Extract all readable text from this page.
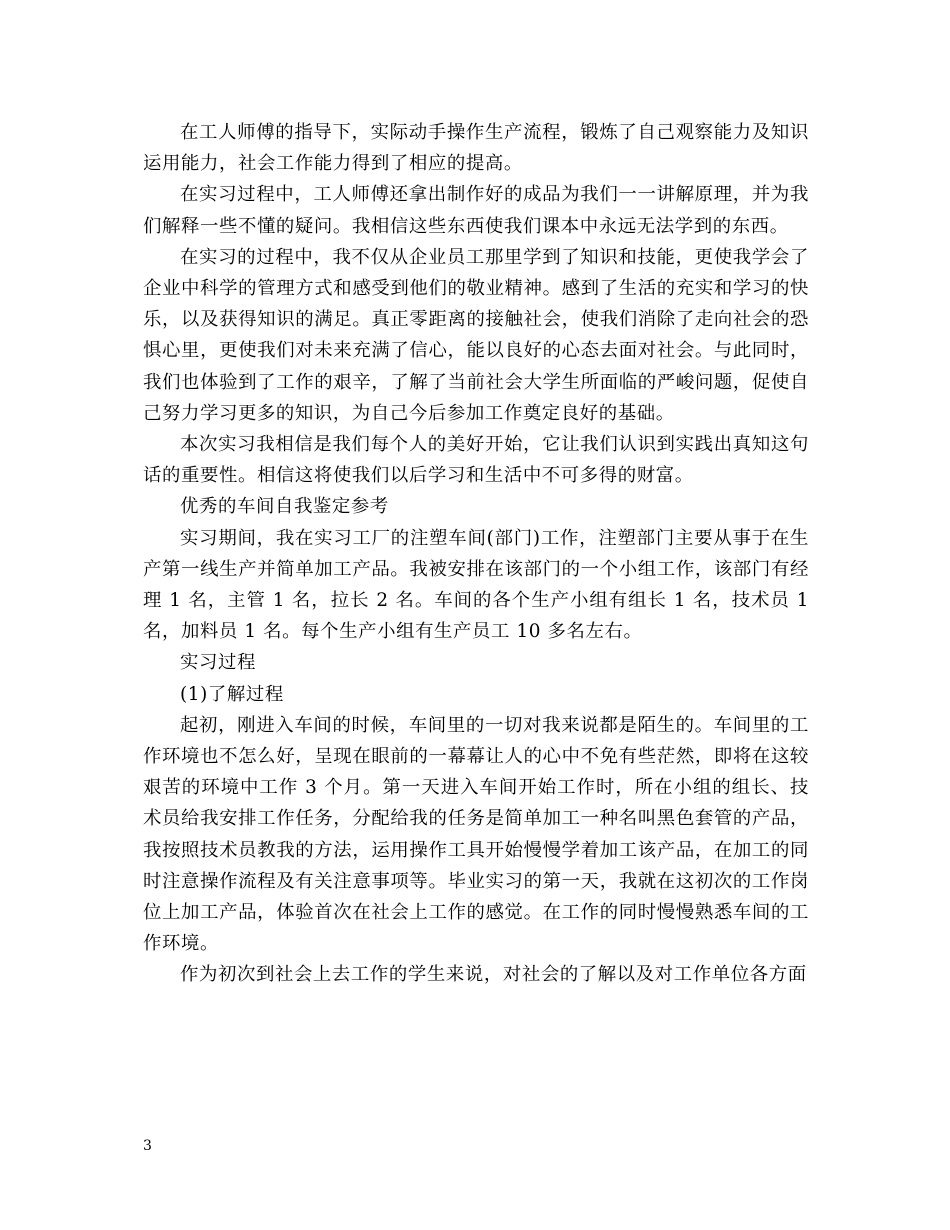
在工人师傅的指导下，实际动手操作生产流程，锻炼了自己观察能力及知识运用能力，社会工作能力得到了相应的提高。

在实习过程中，工人师傅还拿出制作好的成品为我们一一讲解原理，并为我们解释一些不懂的疑问。我相信这些东西使我们课本中永远无法学到的东西。

在实习的过程中，我不仅从企业员工那里学到了知识和技能，更使我学会了企业中科学的管理方式和感受到他们的敬业精神。感到了生活的充实和学习的快乐，以及获得知识的满足。真正零距离的接触社会，使我们消除了走向社会的恐惧心里，更使我们对未来充满了信心，能以良好的心态去面对社会。与此同时，我们也体验到了工作的艰辛，了解了当前社会大学生所面临的严峻问题，促使自己努力学习更多的知识，为自己今后参加工作奠定良好的基础。

本次实习我相信是我们每个人的美好开始，它让我们认识到实践出真知这句话的重要性。相信这将使我们以后学习和生活中不可多得的财富。

优秀的车间自我鉴定参考

实习期间，我在实习工厂的注塑车间(部门)工作，注塑部门主要从事于在生产第一线生产并简单加工产品。我被安排在该部门的一个小组工作，该部门有经理 1 名，主管 1 名，拉长 2 名。车间的各个生产小组有组长 1 名，技术员 1 名，加料员 1 名。每个生产小组有生产员工 10 多名左右。

实习过程

(1)了解过程

起初，刚进入车间的时候，车间里的一切对我来说都是陌生的。车间里的工作环境也不怎么好，呈现在眼前的一幕幕让人的心中不免有些茫然，即将在这较艰苦的环境中工作 3 个月。第一天进入车间开始工作时，所在小组的组长、技术员给我安排工作任务，分配给我的任务是简单加工一种名叫黑色套管的产品，我按照技术员教我的方法，运用操作工具开始慢慢学着加工该产品，在加工的同时注意操作流程及有关注意事项等。毕业实习的第一天，我就在这初次的工作岗位上加工产品，体验首次在社会上工作的感觉。在工作的同时慢慢熟悉车间的工作环境。

作为初次到社会上去工作的学生来说，对社会的了解以及对工作单位各方面

3
